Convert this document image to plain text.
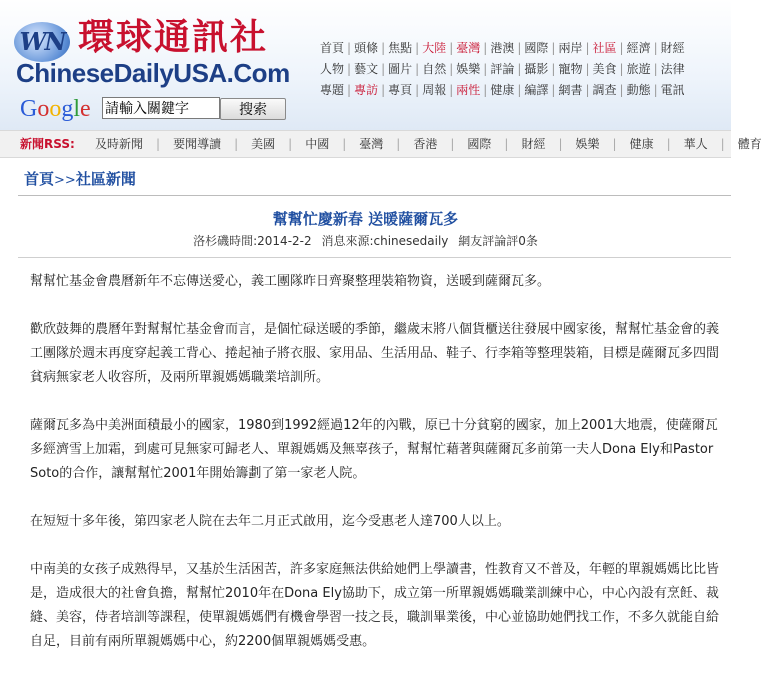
WN 環球通訊社
ChineseDailyUSA.Com
Google
請輸入關鍵字	搜索
首頁 | 頭條 | 焦點 | 大陸 | 臺灣 | 港澳 | 國際 | 兩岸 | 社區 | 經濟 | 財經
人物 | 藝文 | 圖片 | 自然 | 娛樂 | 評論 | 攝影 | 寵物 | 美食 | 旅遊 | 法律
專題 | 專訪 | 專頁 | 周報 | 兩性 | 健康 | 編譯 | 網書 | 調查 | 動態 | 電訊
新聞RSS: 及時新聞 | 要聞導讀 | 美國 | 中國 | 臺灣 | 香港 | 國際 | 財經 | 娛樂 | 健康 | 華人 | 體育
首頁>>社區新聞
幫幫忙慶新春 送暖薩爾瓦多
洛杉磯時間:2014-2-2 消息來源:chinesedaily 網友評論評0条

幫幫忙基金會農曆新年不忘傳送愛心，義工團隊昨日齊聚整理裝箱物資，送暖到薩爾瓦多。

歡欣鼓舞的農曆年對幫幫忙基金會而言，是個忙碌送暖的季節，繼歲末將八個貨櫃送往發展中國家後，幫幫忙基金會的義工團隊於週末再度穿起義工背心、捲起袖子將衣服、家用品、生活用品、鞋子、行李箱等整理裝箱，目標是薩爾瓦多四間貧病無家老人收容所，及兩所單親媽媽職業培訓所。

薩爾瓦多為中美洲面積最小的國家，1980到1992經過12年的內戰，原已十分貧窮的國家，加上2001大地震，使薩爾瓦多經濟雪上加霜，到處可見無家可歸老人、單親媽媽及無辜孩子，幫幫忙藉著與薩爾瓦多前第一夫人Dona Ely和Pastor Soto的合作，讓幫幫忙2001年開始籌劃了第一家老人院。

在短短十多年後，第四家老人院在去年二月正式啟用，迄今受惠老人達700人以上。

中南美的女孩子成熟得早，又基於生活困苦，許多家庭無法供給她們上學讀書，性教育又不普及，年輕的單親媽媽比比皆是，造成很大的社會負擔，幫幫忙2010年在Dona Ely協助下，成立第一所單親媽媽職業訓練中心，中心內設有烹飪、裁縫、美容，侍者培訓等課程，使單親媽媽們有機會學習一技之長，職訓畢業後，中心並協助她們找工作，不多久就能自給自足，目前有兩所單親媽媽中心，約2200個單親媽媽受惠。
